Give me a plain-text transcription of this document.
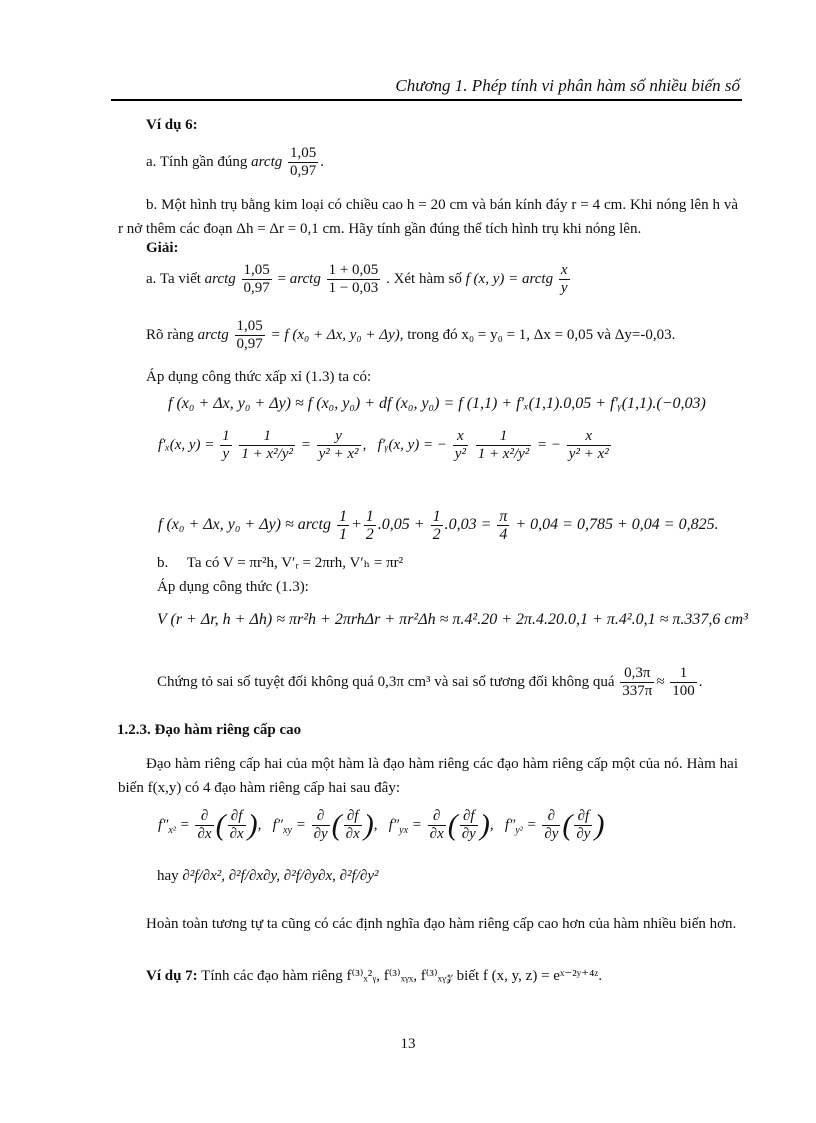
Chương 1. Phép tính vi phân hàm số nhiều biến số
Ví dụ 6:
a. Tính gần đúng arctg $\frac{1,05}{0,97}$ .
b. Một hình trụ bằng kim loại có chiều cao h = 20 cm và bán kính đáy r = 4 cm. Khi nóng lên h và r nở thêm các đoạn Δh = Δr = 0,1 cm. Hãy tính gần đúng thể tích hình trụ khi nóng lên.
Giải:
a. Ta viết arctg $\frac{1,05}{0,97}$ = arctg $\frac{1 + 0,05}{1 - 0,03}$ . Xét hàm số f (x, y) = arctg $\frac{x}{y}$
Rõ ràng arctg $\frac{1,05}{0,97} = f$ (x₀ + Δx, y₀ + Δy), trong đó x₀ = y₀ = 1, Δx = 0,05 và Δy=-0,03.
Áp dụng công thức xấp xỉ (1.3) ta có:
f (x₀ + Δx, y₀ + Δy) ≈ f (x₀, y₀) + df (x₀, y₀) = f (1,1) + f′ₓ(1,1).0,05 + f′ᵧ(1,1).(−0,03)
f′ₓ(x, $y) = \frac{1}{y}$
$\frac{1}{\text{1 + x²/y²}} = \frac{y}{\text{y² + x²}}$ ,   f′ᵧ(x, y) = − $\frac{x}{\text{y²}}$
$\frac{1}{\text{1 + x²/y²}}$ = − $\frac{x}{\text{y² + x²}}$
f (x₀ + Δx, y₀ + Δy) ≈ arctg $\frac{1}{1} + \frac{1}{2} .0,05 + \frac{1}{2} .0,03 = \frac{\pi}{4} + 0,04 = 0,785 + 0,04 = 0,825$.
b. Ta có V = πr²h, V′ᵣ = 2πrh, V′ₕ = πr²
Áp dụng công thức (1.3):
V (r + Δr, h + Δh) ≈ πr²h + 2πrhΔr + πr²Δh ≈ π.4².20 + 2π.4.20.0,1 + π.4².0,1 ≈ π.337,6 cm³
Chứng tỏ sai số tuyệt đối không quá 0,3π cm³ và sai số tương đối không quá $\frac{0,3\pi}{337\pi} \approx \frac{1}{100}$ .
1.2.3. Đạo hàm riêng cấp cao
Đạo hàm riêng cấp hai của một hàm là đạo hàm riêng các đạo hàm riêng cấp một của nó. Hàm hai biến f(x,y) có 4 đạo hàm riêng cấp hai sau đây:
$f''_{x^2} = \frac{\partial}{\partial x}$ ( $\frac{\partial f}{\partial x}$ ),   $f''_{xy} = \frac{\partial}{\partial y}$ ( $\frac{\partial f}{\partial x}$ ),   $f''_{yx} = \frac{\partial}{\partial x}$ ( $\frac{\partial f}{\partial y}$ ),   $f''_{y^2} = \frac{\partial}{\partial y}$ ( $\frac{\partial f}{\partial y}$ )
hay ∂²f/∂x², ∂²f/∂x∂y, ∂²f/∂y∂x, ∂²f/∂y²
Hoàn toàn tương tự ta cũng có các định nghĩa đạo hàm riêng cấp cao hơn của hàm nhiều biến hơn.
Ví dụ 7: Tính các đạo hàm riêng f⁽³⁾ₓ²ᵧ, f⁽³⁾ₓᵧₓ, f⁽³⁾ₓᵧ𝓏 biết f (x, y, z) = eˣ⁻²ʸ⁺⁴ᶻ.
13
